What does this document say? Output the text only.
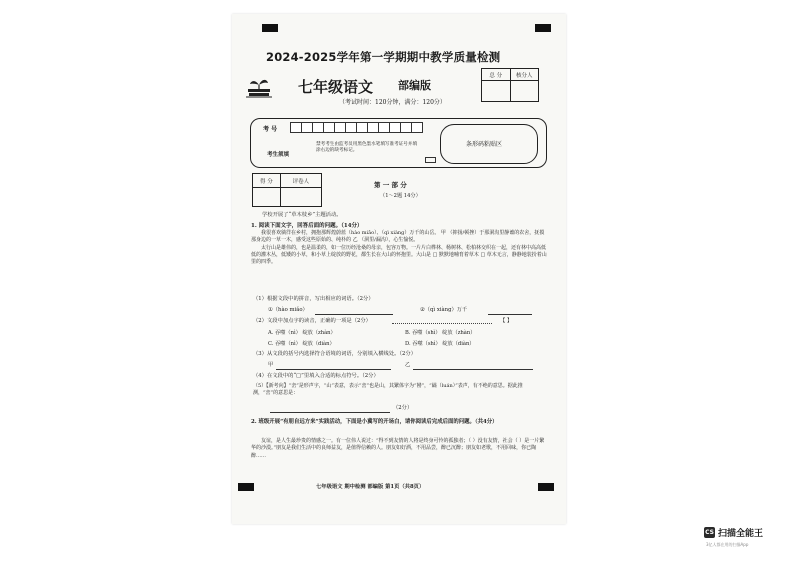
2024-2025学年第一学期期中教学质量检测
七年级语文 部编版
（考试时间：120分钟，满分：120分）
总 分	核分人
考 号
考生须填
禁考考生由监考员用黑色墨水笔填写准考证号并填涂右边的缺考标记。
条形码粘贴区
得 分	评卷人	第 一 部 分
（1～2题 14分）
学校开展了“草木枝乡”主题活动。
1. 阅读下面文字，回答后面的问题。（14分）

我很喜欢徜徉在乡村，拥抱那辉煌蔚蓝（hào miǎo）、（qì xiàng）万千的山岳。 甲 （抑扬/顿挫）于那洞沟里静谧的农舍，抚摸那身边的一草一木，感受这些原始的、纯朴的 乙 （洞里/漏沟），心生愉悦。

太行山是雄伟的，也是温柔的，如一位历经沧桑的母亲，包容万物。一片片白桦林、杨树林、松柏林交织在一起，还有林中高高低低的灌木丛，低矮的小草，和小草上绽放的野花，都生长在大山的怀抱里。大山是 □ 默默地哺育着草木 □ 草木无言，静静地装扮着山里的四季。

（1）根据文段中的拼音，写出相应的词语。（2分）
①（hào miǎo）	②（qì xiàng）万千
（2）文段中加点字的读音，正确的一项是（2分）	【 】
A. 吞噬（nì） 绽放（zhàn）	B. 吞噬（shì） 绽放（zhàn）
C. 吞噬（nì） 绽放（diàn）	D. 吞噬（shì） 绽放（diàn）
（3）从文段的括号内选择符合语境的词语，分别填入横线处。（2分）
甲	乙
（4）在文段中的“□”里填入合适的标点符号。（2分）
（5）【新考向】“峦”是形声字，“山”表意，表示“峦”也是山，其繁体字为“巒”，“䜌（luán）”表声，有不绝的意思。据此推测，“峦”的意思是：
（2分）
2. 班级开展“有朋自远方来”实践活动，下面是小冀写的开场白，请你阅读后完成后面的问题。（共4分）
友谊，是人生最珍贵的情感之一。有一位伟人说过：“得不到友情的人将是终身可怜的孤独者；（ ）没有友情，社会（ ）是一片繁华的沙漠。”朋友是我们生活中的良师益友，是值得信赖的人。朋友如好酒，不用品尝，醉已沉醉；朋友如老歌，不用回味，你已陶醉……
七年级语文 期中检测 部编版 第1页（共8页）
CS 扫描全能王
3亿人都在用的扫描App
